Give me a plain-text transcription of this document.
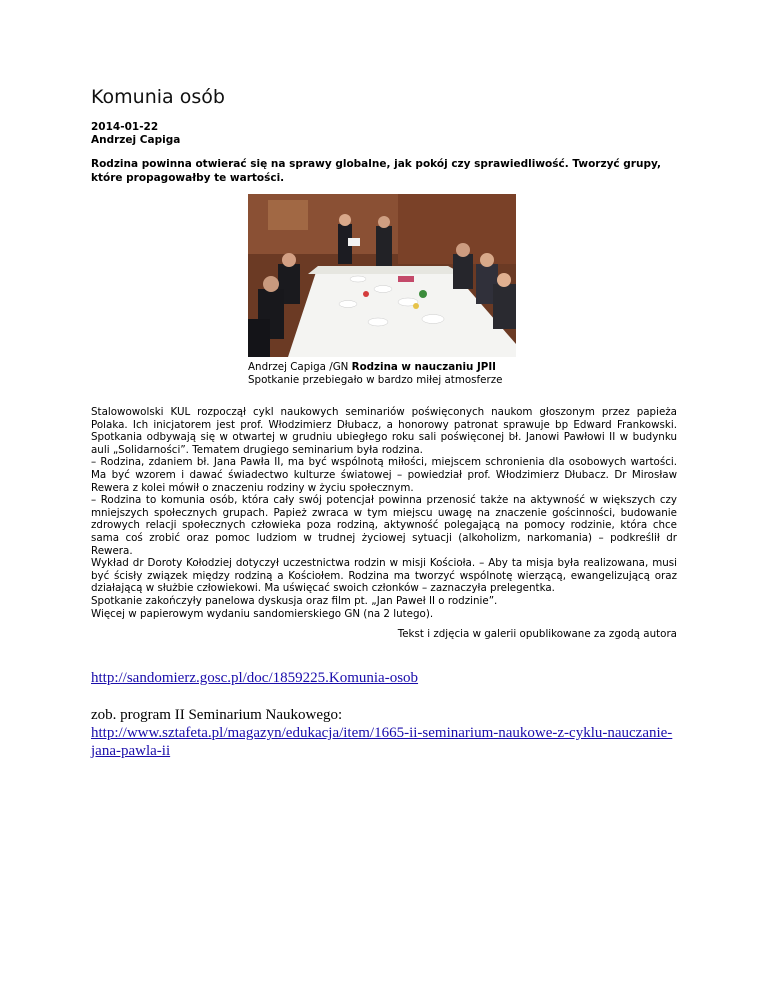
Komunia osób
2014-01-22
Andrzej Capiga
Rodzina powinna otwierać się na sprawy globalne, jak pokój czy sprawiedliwość. Tworzyć grupy, które propagowałby te wartości.
Andrzej Capiga /GN Rodzina w nauczaniu JPII
Spotkanie przebiegało w bardzo miłej atmosferze

Stalowowolski KUL rozpoczął cykl naukowych seminariów poświęconych naukom głoszonym przez papieża Polaka. Ich inicjatorem jest prof. Włodzimierz Dłubacz, a honorowy patronat sprawuje bp Edward Frankowski. Spotkania odbywają się w otwartej w grudniu ubiegłego roku sali poświęconej bł. Janowi Pawłowi II w budynku auli „Solidarności”. Tematem drugiego seminarium była rodzina.

– Rodzina, zdaniem bł. Jana Pawła II, ma być wspólnotą miłości, miejscem schronienia dla osobowych wartości. Ma być wzorem i dawać świadectwo kulturze światowej – powiedział prof. Włodzimierz Dłubacz. Dr Mirosław Rewera z kolei mówił o znaczeniu rodziny w życiu społecznym.

– Rodzina to komunia osób, która cały swój potencjał powinna przenosić także na aktywność w większych czy mniejszych społecznych grupach. Papież zwraca w tym miejscu uwagę na znaczenie gościnności, budowanie zdrowych relacji społecznych człowieka poza rodziną, aktywność polegającą na pomocy rodzinie, która chce sama coś zrobić oraz pomoc ludziom w trudnej życiowej sytuacji (alkoholizm, narkomania) – podkreślił dr Rewera.

Wykład dr Doroty Kołodziej dotyczył uczestnictwa rodzin w misji Kościoła. – Aby ta misja była realizowana, musi być ścisły związek między rodziną a Kościołem. Rodzina ma tworzyć wspólnotę wierzącą, ewangelizującą oraz działającą w służbie człowiekowi. Ma uświęcać swoich członków – zaznaczyła prelegentka.

Spotkanie zakończyły panelowa dyskusja oraz film pt. „Jan Paweł II o rodzinie”.

Więcej w papierowym wydaniu sandomierskiego GN (na 2 lutego).

Tekst i zdjęcia w galerii opublikowane za zgodą autora
http://sandomierz.gosc.pl/doc/1859225.Komunia-osob
zob. program II Seminarium Naukowego:
http://www.sztafeta.pl/magazyn/edukacja/item/1665-ii-seminarium-naukowe-z-cyklu-nauczanie-jana-pawla-ii
